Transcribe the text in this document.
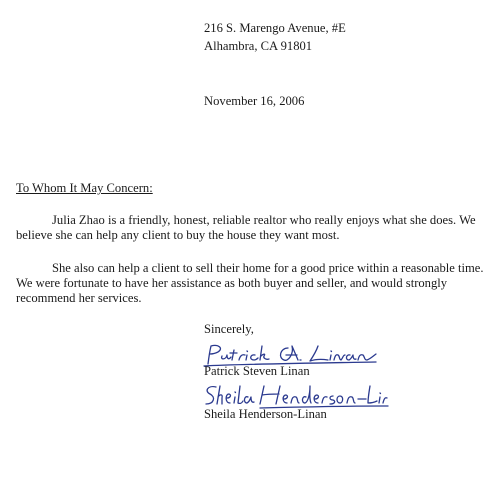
216 S. Marengo Avenue, #E
Alhambra, CA 91801
November 16, 2006
To Whom It May Concern:
Julia Zhao is a friendly, honest, reliable realtor who really enjoys what she does. We believe she can help any client to buy the house they want most.
She also can help a client to sell their home for a good price within a reasonable time. We were fortunate to have her assistance as both buyer and seller, and would strongly recommend her services.
Sincerely,
Patrick Steven Linan
Sheila Henderson-Linan
